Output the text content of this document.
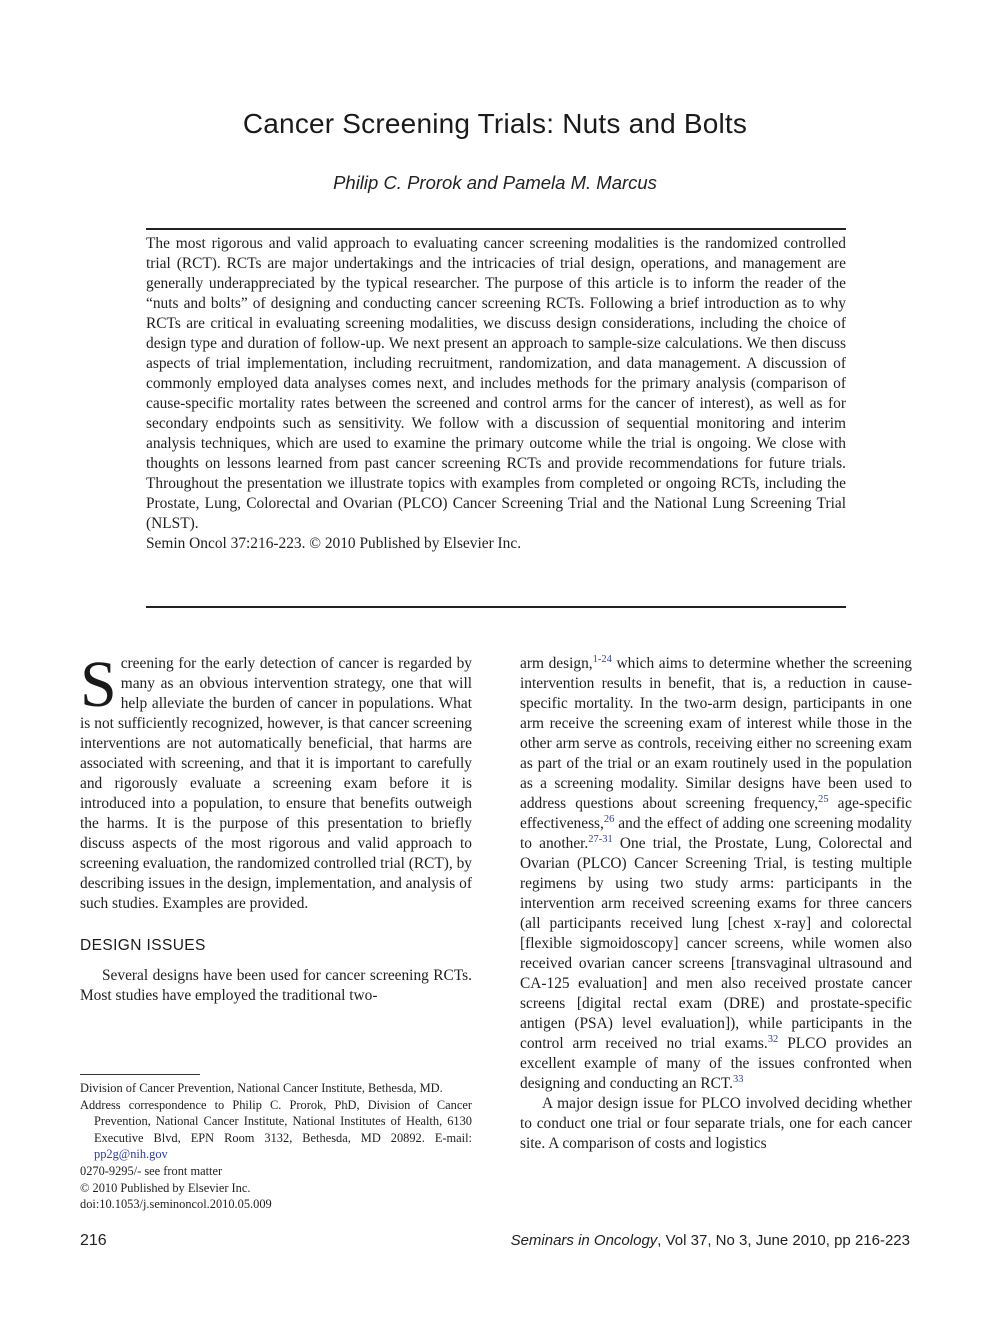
Cancer Screening Trials: Nuts and Bolts
Philip C. Prorok and Pamela M. Marcus

The most rigorous and valid approach to evaluating cancer screening modalities is the randomized controlled trial (RCT). RCTs are major undertakings and the intricacies of trial design, operations, and management are generally underappreciated by the typical researcher. The purpose of this article is to inform the reader of the “nuts and bolts” of designing and conducting cancer screening RCTs. Following a brief introduction as to why RCTs are critical in evaluating screening modalities, we discuss design considerations, including the choice of design type and duration of follow-up. We next present an approach to sample-size calculations. We then discuss aspects of trial implementation, including recruitment, randomization, and data management. A discussion of commonly employed data analyses comes next, and includes methods for the primary analysis (comparison of cause-specific mortality rates between the screened and control arms for the cancer of interest), as well as for secondary endpoints such as sensitivity. We follow with a discussion of sequential monitoring and interim analysis techniques, which are used to examine the primary outcome while the trial is ongoing. We close with thoughts on lessons learned from past cancer screening RCTs and provide recommendations for future trials. Throughout the presentation we illustrate topics with examples from completed or ongoing RCTs, including the Prostate, Lung, Colorectal and Ovarian (PLCO) Cancer Screening Trial and the National Lung Screening Trial (NLST).

Semin Oncol 37:216-223. © 2010 Published by Elsevier Inc.

Screening for the early detection of cancer is regarded by many as an obvious intervention strategy, one that will help alleviate the burden of cancer in populations. What is not sufficiently recognized, however, is that cancer screening interventions are not automatically beneficial, that harms are associated with screening, and that it is important to carefully and rigorously evaluate a screening exam before it is introduced into a population, to ensure that benefits outweigh the harms. It is the purpose of this presentation to briefly discuss aspects of the most rigorous and valid approach to screening evaluation, the randomized controlled trial (RCT), by describing issues in the design, implementation, and analysis of such studies. Examples are provided.

DESIGN ISSUES

Several designs have been used for cancer screening RCTs. Most studies have employed the traditional two-

Division of Cancer Prevention, National Cancer Institute, Bethesda, MD.

Address correspondence to Philip C. Prorok, PhD, Division of Cancer Prevention, National Cancer Institute, National Institutes of Health, 6130 Executive Blvd, EPN Room 3132, Bethesda, MD 20892. E-mail: pp2g@nih.gov

0270-9295/- see front matter

© 2010 Published by Elsevier Inc.

doi:10.1053/j.seminoncol.2010.05.009

arm design,$^{1-24}$ which aims to determine whether the screening intervention results in benefit, that is, a reduction in cause-specific mortality. In the two-arm design, participants in one arm receive the screening exam of interest while those in the other arm serve as controls, receiving either no screening exam as part of the trial or an exam routinely used in the population as a screening modality. Similar designs have been used to address questions about screening frequency,$^{25}$ age-specific effectiveness,$^{26}$ and the effect of adding one screening modality to another.$^{27-31}$ One trial, the Prostate, Lung, Colorectal and Ovarian (PLCO) Cancer Screening Trial, is testing multiple regimens by using two study arms: participants in the intervention arm received screening exams for three cancers (all participants received lung [chest x-ray] and colorectal [flexible sigmoidoscopy] cancer screens, while women also received ovarian cancer screens [transvaginal ultrasound and CA-125 evaluation] and men also received prostate cancer screens [digital rectal exam (DRE) and prostate-specific antigen (PSA) level evaluation]), while participants in the control arm received no trial exams.$^{32}$ PLCO provides an excellent example of many of the issues confronted when designing and conducting an RCT.$^{33}$

A major design issue for PLCO involved deciding whether to conduct one trial or four separate trials, one for each cancer site. A comparison of costs and logistics

216	Seminars in Oncology, Vol 37, No 3, June 2010, pp 216-223
